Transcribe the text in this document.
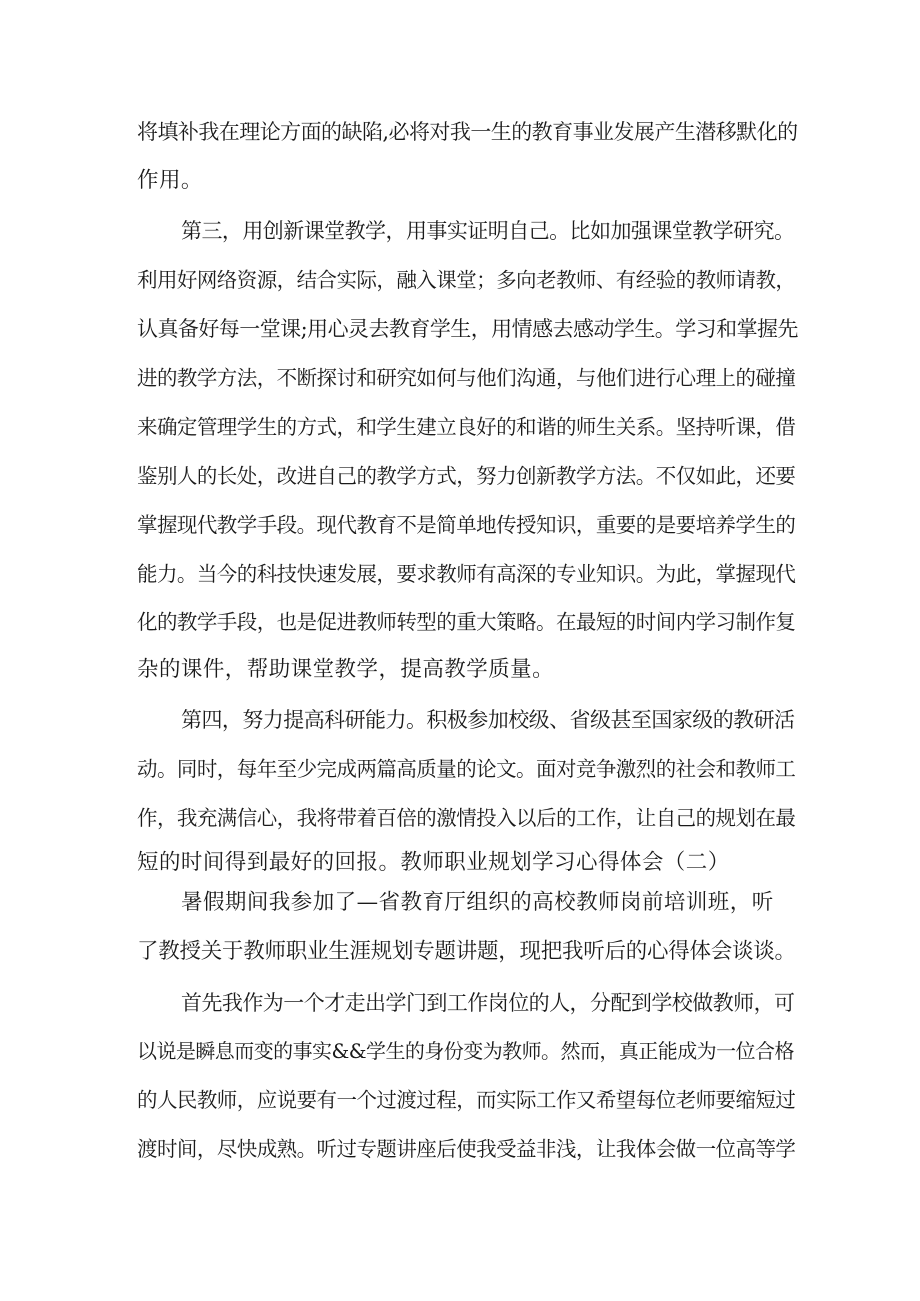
将填补我在理论方面的缺陷,必将对我一生的教育事业发展产生潜移默化的

作用。

第三，用创新课堂教学，用事实证明自己。比如加强课堂教学研究。

利用好网络资源，结合实际，融入课堂；多向老教师、有经验的教师请教，

认真备好每一堂课;用心灵去教育学生，用情感去感动学生。学习和掌握先

进的教学方法，不断探讨和研究如何与他们沟通，与他们进行心理上的碰撞

来确定管理学生的方式，和学生建立良好的和谐的师生关系。坚持听课，借

鉴别人的长处，改进自己的教学方式，努力创新教学方法。不仅如此，还要

掌握现代教学手段。现代教育不是简单地传授知识，重要的是要培养学生的

能力。当今的科技快速发展，要求教师有高深的专业知识。为此，掌握现代

化的教学手段，也是促进教师转型的重大策略。在最短的时间内学习制作复

杂的课件，帮助课堂教学，提高教学质量。

第四，努力提高科研能力。积极参加校级、省级甚至国家级的教研活

动。同时，每年至少完成两篇高质量的论文。面对竞争激烈的社会和教师工

作，我充满信心，我将带着百倍的激情投入以后的工作，让自己的规划在最

短的时间得到最好的回报。教师职业规划学习心得体会（二）

暑假期间我参加了—省教育厅组织的高校教师岗前培训班，听

了教授关于教师职业生涯规划专题讲题，现把我听后的心得体会谈谈。

首先我作为一个才走出学门到工作岗位的人，分配到学校做教师，可

以说是瞬息而变的事实&&学生的身份变为教师。然而，真正能成为一位合格

的人民教师，应说要有一个过渡过程，而实际工作又希望每位老师要缩短过

渡时间，尽快成熟。听过专题讲座后使我受益非浅，让我体会做一位高等学
